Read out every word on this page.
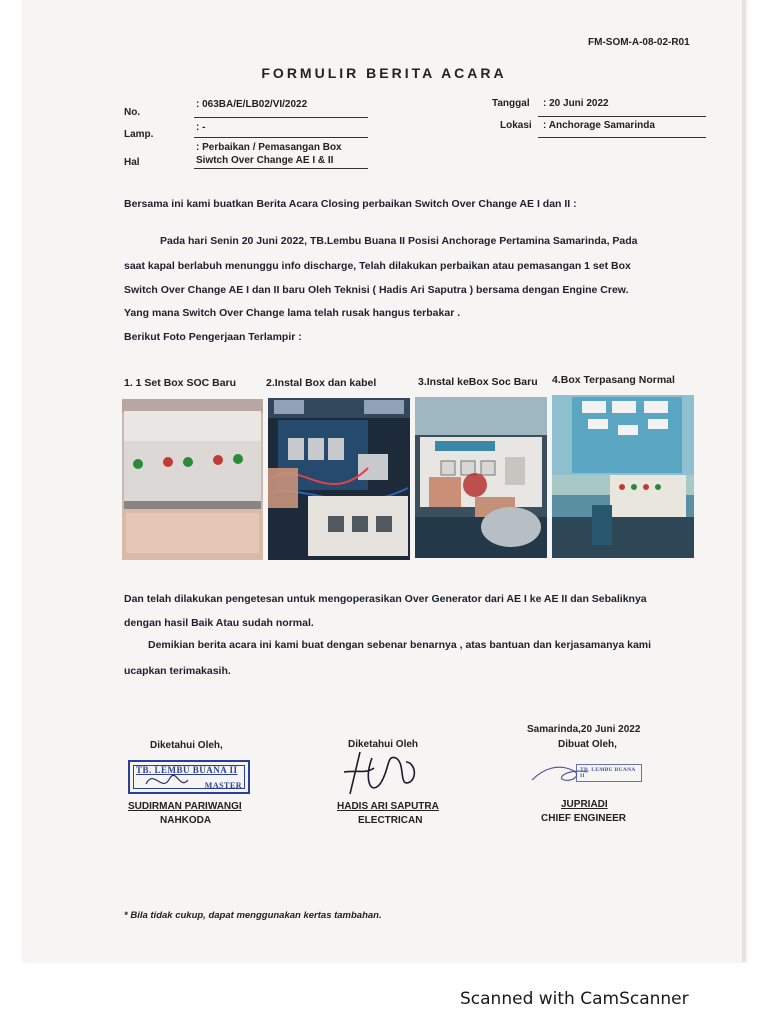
FM-SOM-A-08-02-R01
FORMULIR BERITA ACARA
No.
: 063BA/E/LB02/VI/2022
Lamp.
: -
Hal
: Perbaikan / Pemasangan Box
Siwtch Over Change AE I & II
Tanggal : 20 Juni 2022
Lokasi : Anchorage Samarinda
Bersama ini kami buatkan Berita Acara Closing perbaikan Switch Over Change AE I dan II :
Pada hari Senin 20 Juni 2022, TB.Lembu Buana II Posisi Anchorage Pertamina Samarinda, Pada
saat kapal berlabuh menunggu info discharge, Telah dilakukan perbaikan atau pemasangan 1 set Box
Switch Over Change AE I dan II baru Oleh Teknisi ( Hadis Ari Saputra ) bersama dengan Engine Crew.
Yang mana Switch Over Change lama telah rusak hangus terbakar .
Berikut Foto Pengerjaan Terlampir :
1. 1 Set Box SOC Baru	2.Instal Box dan kabel	3.Instal keBox Soc Baru 4.Box Terpasang Normal
Dan telah dilakukan pengetesan untuk mengoperasikan Over Generator dari AE I ke AE II dan Sebaliknya
dengan hasil Baik Atau sudah normal.
Demikian berita acara ini kami buat dengan sebenar benarnya , atas bantuan dan kerjasamanya kami
ucapkan terimakasih.
Diketahui Oleh,
TB. LEMBU BUANA II
MASTER
SUDIRMAN PARIWANGI
NAHKODA
Diketahui Oleh
HADIS ARI SAPUTRA
ELECTRICAN
Samarinda,20 Juni 2022
Dibuat Oleh,
TB. LEMBU BUANA II
JUPRIADI
CHIEF ENGINEER
* Bila tidak cukup, dapat menggunakan kertas tambahan.
Scanned with CamScanner
